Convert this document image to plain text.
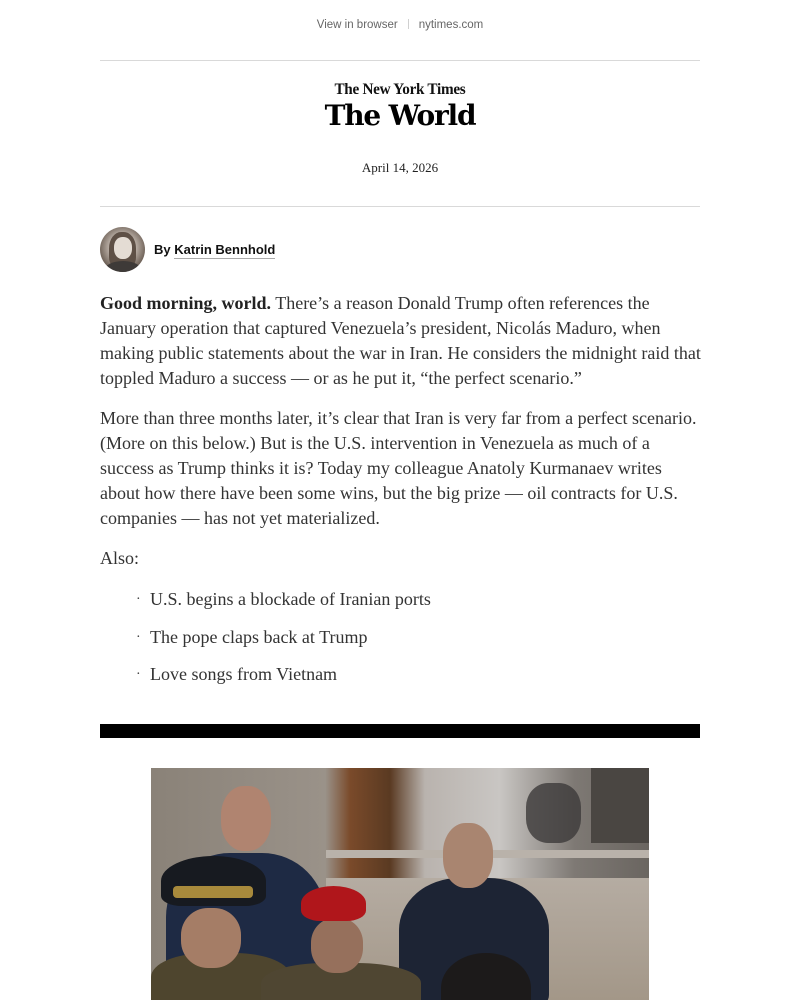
View in browser nytimes.com
The New York Times
The World
April 14, 2026
By Katrin Bennhold

Good morning, world. There’s a reason Donald Trump often references the January operation that captured Venezuela’s president, Nicolás Maduro, when making public statements about the war in Iran. He considers the midnight raid that toppled Maduro a success — or as he put it, “the perfect scenario.”

More than three months later, it’s clear that Iran is very far from a perfect scenario. (More on this below.) But is the U.S. intervention in Venezuela as much of a success as Trump thinks it is? Today my colleague Anatoly Kurmanaev writes about how there have been some wins, but the big prize — oil contracts for U.S. companies — has not yet materialized.

Also:

· U.S. begins a blockade of Iranian ports
· The pope claps back at Trump
· Love songs from Vietnam
